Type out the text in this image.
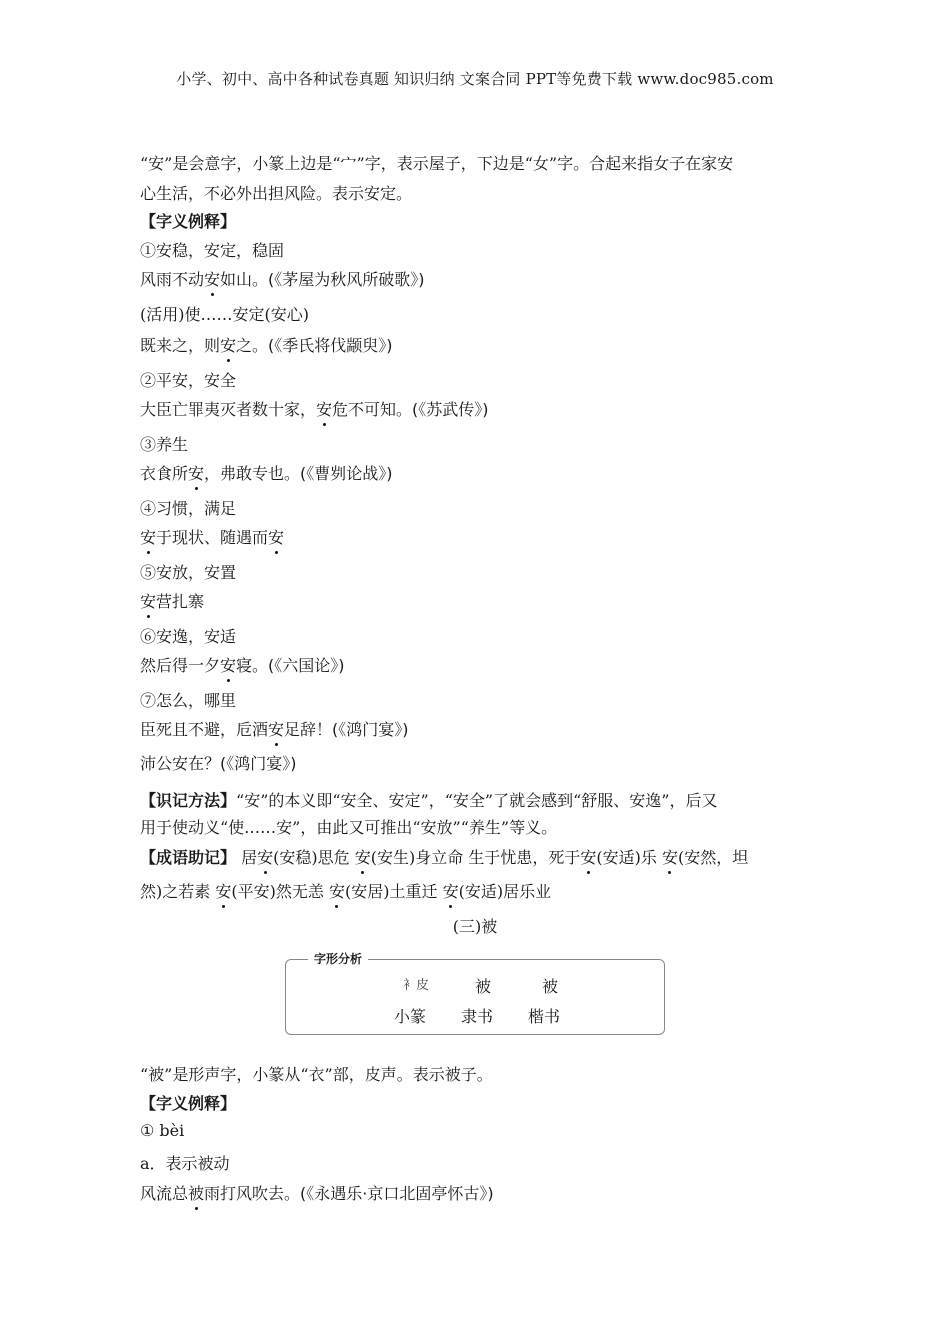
小学、初中、高中各种试卷真题 知识归纳 文案合同 PPT等免费下载 www.doc985.com
“安”是会意字，小篆上边是“宀”字，表示屋子，下边是“女”字。合起来指女子在家安
心生活，不必外出担风险。表示安定。
【字义例释】
①安稳，安定，稳固
风雨不动安如山。(《茅屋为秋风所破歌》)
(活用)使……安定(安心)
既来之，则安之。(《季氏将伐颛臾》)
②平安，安全
大臣亡罪夷灭者数十家，安危不可知。(《苏武传》)
③养生
衣食所安，弗敢专也。(《曹刿论战》)
④习惯，满足
安于现状、随遇而安
⑤安放，安置
安营扎寨
⑥安逸，安适
然后得一夕安寝。(《六国论》)
⑦怎么，哪里
臣死且不避，卮酒安足辞！(《鸿门宴》)
沛公安在？(《鸿门宴》)
【识记方法】“安”的本义即“安全、安定”，“安全”了就会感到“舒服、安逸”，后又
用于使动义“使……安”，由此又可推出“安放”“养生”等义。
【成语助记】 居安(安稳)思危 安(安生)身立命 生于忧患，死于安(安适)乐 安(安然，坦
然)之若素 安(平安)然无恙 安(安居)土重迁 安(安适)居乐业
(三)被
字形分析
衤皮	被	被
小篆 隶书 楷书
“被”是形声字，小篆从“衣”部，皮声。表示被子。
【字义例释】
① bèi
a．表示被动
风流总被雨打风吹去。(《永遇乐·京口北固亭怀古》)
